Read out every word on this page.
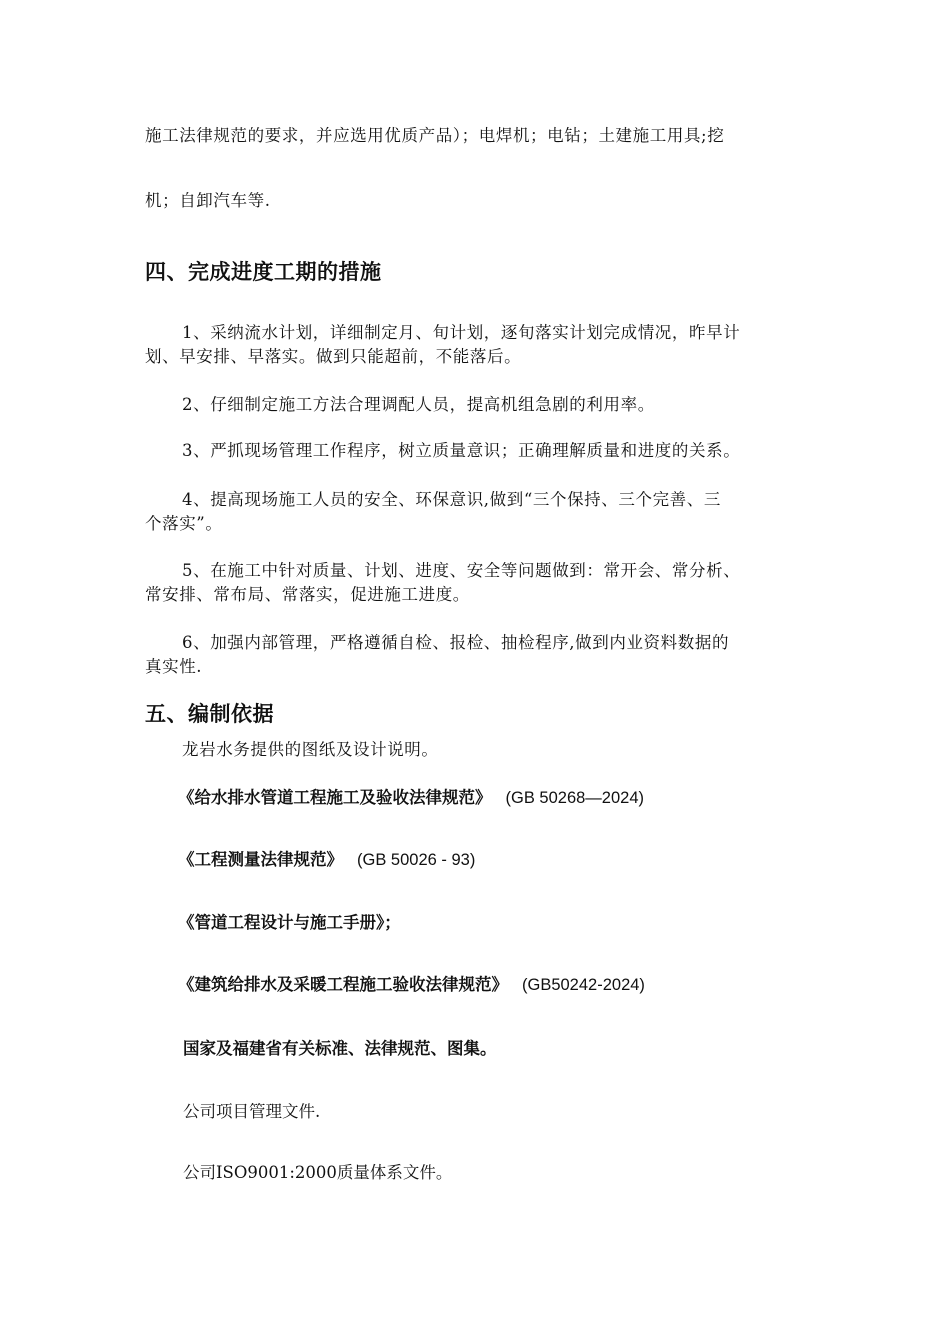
施工法律规范的要求，并应选用优质产品）；电焊机；电钻；土建施工用具;挖
机；自卸汽车等.
四、完成进度工期的措施
1、采纳流水计划，详细制定月、旬计划，逐旬落实计划完成情况，昨早计
划、早安排、早落实。做到只能超前，不能落后。
2、仔细制定施工方法合理调配人员，提高机组急剧的利用率。
3、严抓现场管理工作程序，树立质量意识；正确理解质量和进度的关系。
4、提高现场施工人员的安全、环保意识,做到“三个保持、三个完善、三
个落实”。
5、在施工中针对质量、计划、进度、安全等问题做到：常开会、常分析、
常安排、常布局、常落实，促进施工进度。
6、加强内部管理，严格遵循自检、报检、抽检程序,做到内业资料数据的
真实性.
五、编制依据
龙岩水务提供的图纸及设计说明。
《给水排水管道工程施工及验收法律规范》 (GB 50268—2024)
《工程测量法律规范》 (GB 50026 - 93)
《管道工程设计与施工手册》；
《建筑给排水及采暖工程施工验收法律规范》 (GB50242-2024)
国家及福建省有关标准、法律规范、图集。
公司项目管理文件.
公司ISO9001:2000质量体系文件。
